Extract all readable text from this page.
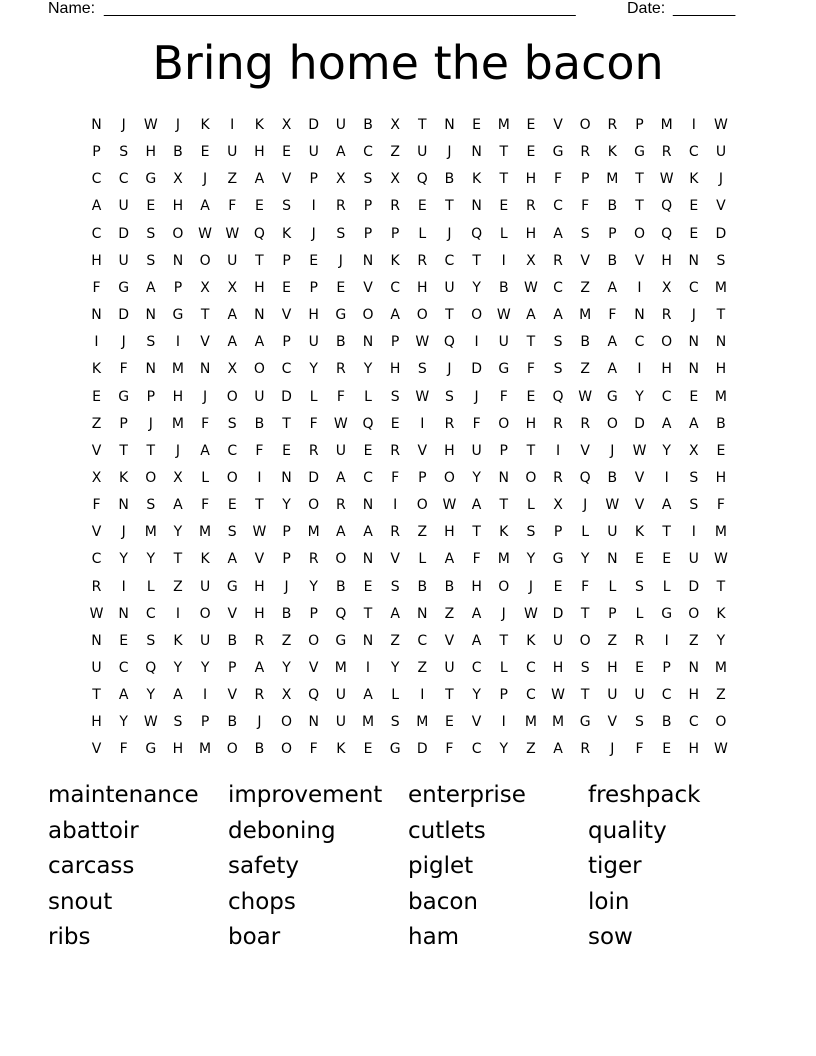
Name: _____________________________________________________	Date: _______
Bring home the bacon
N	J	W	J	K	I	K	X	D	U	B	X	T	N	E	M	E	V	O	R	P	M	I	W
P	S	H	B	E	U	H	E	U	A	C	Z	U	J	N	T	E	G	R	K	G	R	C	U
C	C	G	X	J	Z	A	V	P	X	S	X	Q	B	K	T	H	F	P	M	T	W	K	J
A	U	E	H	A	F	E	S	I	R	P	R	E	T	N	E	R	C	F	B	T	Q	E	V
C	D	S	O	W W	Q	K	J	S	P	P	L	J	Q	L	H	A	S	P	O	Q	E	D
H	U	S	N	O	U	T	P	E	J	N	K	R	C	T	I	X	R	V	B	V	H	N	S
F	G	A	P	X	X	H	E	P	E	V	C	H	U	Y	B	W	C	Z	A	I	X	C	M
N	D	N	G	T	A	N	V	H	G	O	A	O	T	O	W	A	A	M	F	N	R	J	T
I	J	S	I	V	A	A	P	U	B	N	P	W	Q	I	U	T	S	B	A	C	O	N	N
K	F	N	M	N	X	O	C	Y	R	Y	H	S	J	D	G	F	S	Z	A	I	H	N	H
E	G	P	H	J	O	U	D	L	F	L	S	W	S	J	F	E	Q	W	G	Y	C	E	M
Z	P	J	M	F	S	B	T	F	W	Q	E	I	R	F	O	H	R	R	O	D	A	A	B
V	T	T	J	A	C	F	E	R	U	E	R	V	H	U	P	T	I	V	J	W	Y	X	E
X	K	O	X	L	O	I	N	D	A	C	F	P	O	Y	N	O	R	Q	B	V	I	S	H
F	N	S	A	F	E	T	Y	O	R	N	I	O	W	A	T	L	X	J	W	V	A	S	F
V	J	M	Y	M	S	W	P	M	A	A	R	Z	H	T	K	S	P	L	U	K	T	I	M
C	Y	Y	T	K	A	V	P	R	O	N	V	L	A	F	M	Y	G	Y	N	E	E	U	W
R	I	L	Z	U	G	H	J	Y	B	E	S	B	B	H	O	J	E	F	L	S	L	D	T
W	N	C	I	O	V	H	B	P	Q	T	A	N	Z	A	J	W	D	T	P	L	G	O	K
N	E	S	K	U	B	R	Z	O	G	N	Z	C	V	A	T	K	U	O	Z	R	I	Z	Y
U	C	Q	Y	Y	P	A	Y	V	M	I	Y	Z	U	C	L	C	H	S	H	E	P	N	M
T	A	Y	A	I	V	R	X	Q	U	A	L	I	T	Y	P	C	W	T	U	U	C	H	Z
H	Y	W	S	P	B	J	O	N	U	M	S	M	E	V	I	M	M	G	V	S	B	C	O
V	F	G	H	M	O	B	O	F	K	E	G	D	F	C	Y	Z	A	R	J	F	E	H	W
maintenance
abattoir
carcass
snout
ribs
improvement
deboning
safety
chops
boar
enterprise
cutlets
piglet
bacon
ham
freshpack
quality
tiger
loin
sow
